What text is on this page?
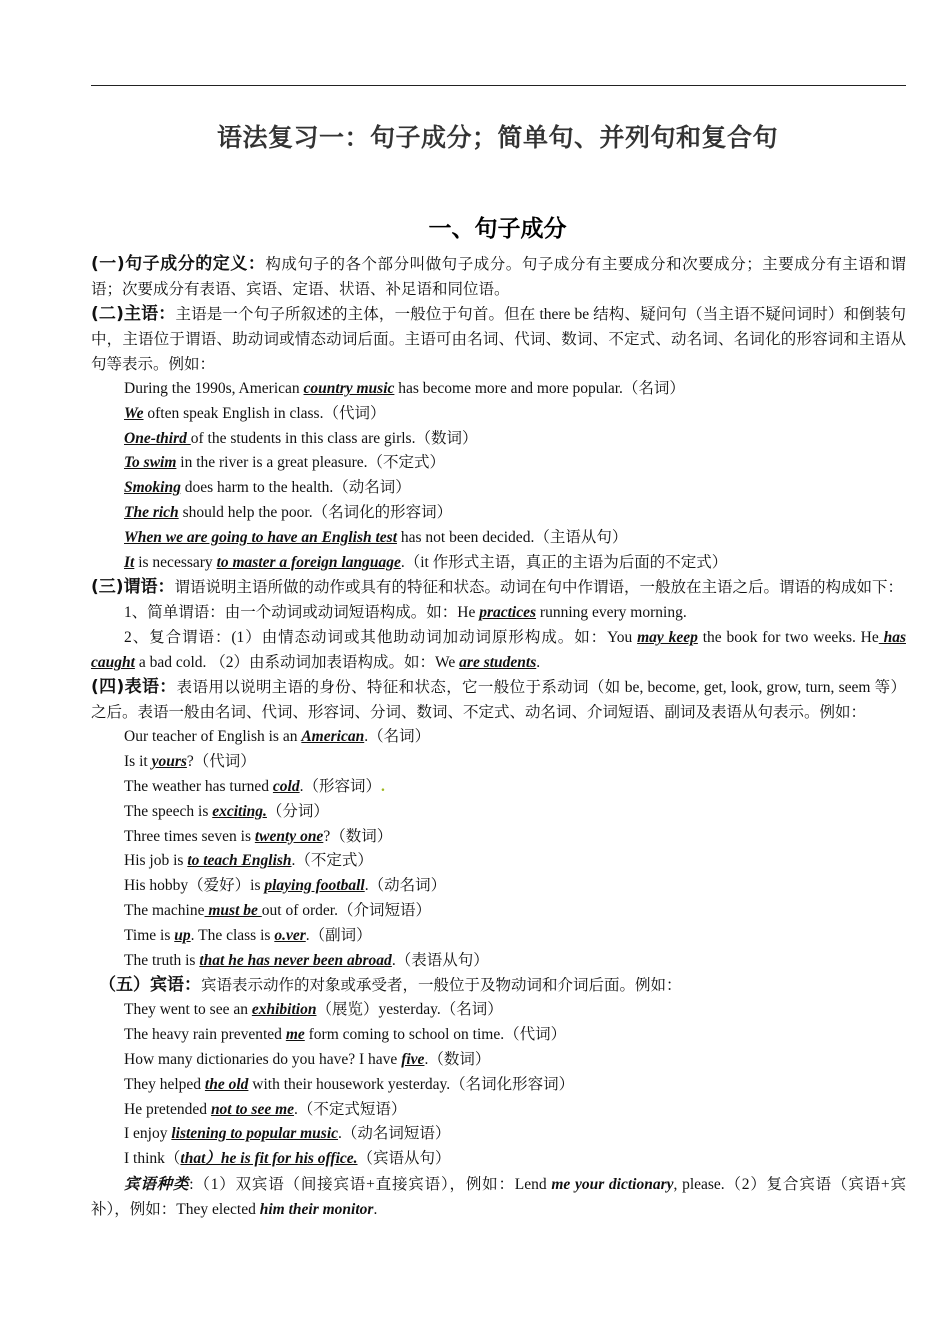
语法复习一：句子成分；简单句、并列句和复合句
一、句子成分
(一)句子成分的定义：构成句子的各个部分叫做句子成分。句子成分有主要成分和次要成分；主要成分有主语和谓语；次要成分有表语、宾语、定语、状语、补足语和同位语。
(二)主语：主语是一个句子所叙述的主体，一般位于句首。但在 there be 结构、疑问句（当主语不疑问词时）和倒装句中，主语位于谓语、助动词或情态动词后面。主语可由名词、代词、数词、不定式、动名词、名词化的形容词和主语从句等表示。例如：
During the 1990s, American country music has become more and more popular.（名词）
We often speak English in class.（代词）
One-third of the students in this class are girls.（数词）
To swim in the river is a great pleasure.（不定式）
Smoking does harm to the health.（动名词）
The rich should help the poor.（名词化的形容词）
When we are going to have an English test has not been decided.（主语从句）
It is necessary to master a foreign language.（it 作形式主语，真正的主语为后面的不定式）
(三)谓语：谓语说明主语所做的动作或具有的特征和状态。动词在句中作谓语，一般放在主语之后。谓语的构成如下：
1、简单谓语：由一个动词或动词短语构成。如：He practices running every morning.
2、复合谓语：(1）由情态动词或其他助动词加动词原形构成。如：You may keep the book for two weeks. He has caught a bad cold. （2）由系动词加表语构成。如：We are students.
(四)表语：表语用以说明主语的身份、特征和状态，它一般位于系动词（如 be, become, get, look, grow, turn, seem 等）之后。表语一般由名词、代词、形容词、分词、数词、不定式、动名词、介词短语、副词及表语从句表示。例如：
Our teacher of English is an American.（名词）
Is it yours?（代词）
The weather has turned cold.（形容词）.
The speech is exciting.（分词）
Three times seven is twenty one?（数词）
His job is to teach English.（不定式）
His hobby（爱好）is playing football.（动名词）
The machine must be out of order.（介词短语）
Time is up. The class is o.ver.（副词）
The truth is that he has never been abroad.（表语从句）
（五）宾语：宾语表示动作的对象或承受者，一般位于及物动词和介词后面。例如：
They went to see an exhibition（展览）yesterday.（名词）
The heavy rain prevented me form coming to school on time.（代词）
How many dictionaries do you have? I have five.（数词）
They helped the old with their housework yesterday.（名词化形容词）
He pretended not to see me.（不定式短语）
I enjoy listening to popular music.（动名词短语）
I think（that）he is fit for his office.（宾语从句）
宾语种类:（1）双宾语（间接宾语+直接宾语），例如：Lend me your dictionary, please.（2）复合宾语（宾语+宾补），例如：They elected him their monitor.
